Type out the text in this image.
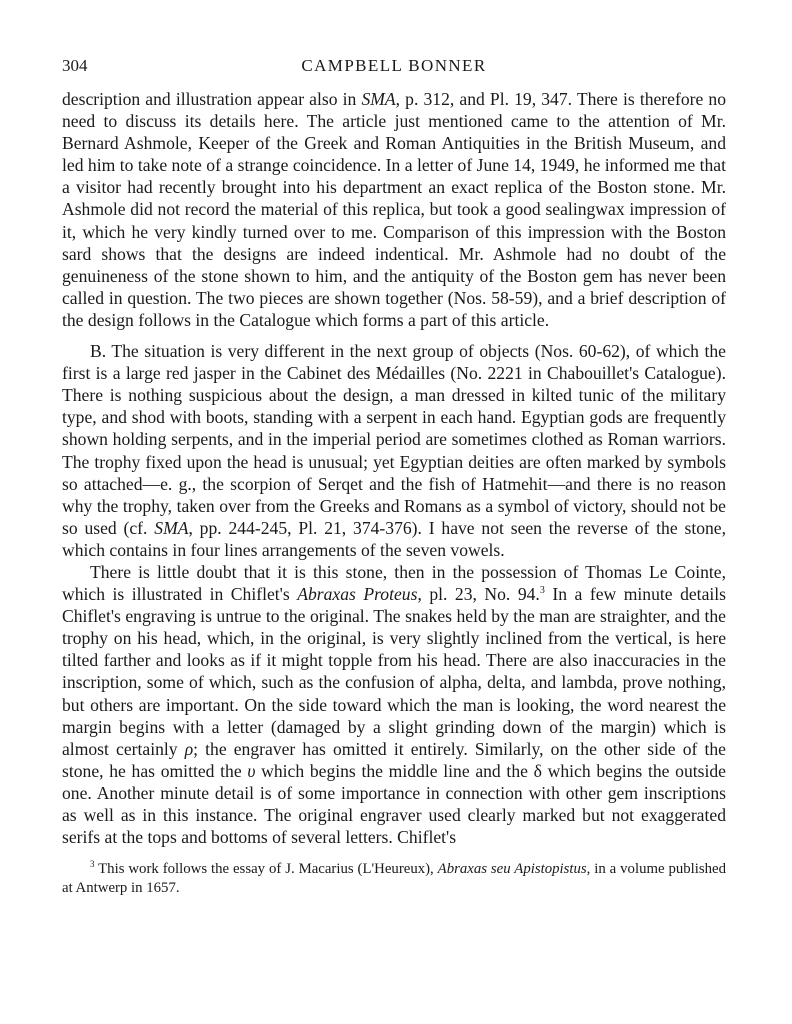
304	CAMPBELL BONNER

description and illustration appear also in SMA, p. 312, and Pl. 19, 347. There is therefore no need to discuss its details here. The article just mentioned came to the attention of Mr. Bernard Ashmole, Keeper of the Greek and Roman Antiquities in the British Museum, and led him to take note of a strange coincidence. In a letter of June 14, 1949, he informed me that a visitor had recently brought into his department an exact replica of the Boston stone. Mr. Ashmole did not record the material of this replica, but took a good sealingwax impression of it, which he very kindly turned over to me. Comparison of this impression with the Boston sard shows that the designs are indeed indentical. Mr. Ashmole had no doubt of the genuineness of the stone shown to him, and the antiquity of the Boston gem has never been called in question. The two pieces are shown together (Nos. 58-59), and a brief description of the design follows in the Catalogue which forms a part of this article.

B. The situation is very different in the next group of objects (Nos. 60-62), of which the first is a large red jasper in the Cabinet des Médailles (No. 2221 in Chabouillet's Catalogue). There is nothing suspicious about the design, a man dressed in kilted tunic of the military type, and shod with boots, standing with a serpent in each hand. Egyptian gods are frequently shown holding serpents, and in the imperial period are sometimes clothed as Roman warriors. The trophy fixed upon the head is unusual; yet Egyptian deities are often marked by symbols so attached—e. g., the scorpion of Serqet and the fish of Hatmehit—and there is no reason why the trophy, taken over from the Greeks and Romans as a symbol of victory, should not be so used (cf. SMA, pp. 244-245, Pl. 21, 374-376). I have not seen the reverse of the stone, which contains in four lines arrangements of the seven vowels.

There is little doubt that it is this stone, then in the possession of Thomas Le Cointe, which is illustrated in Chiflet's Abraxas Proteus, pl. 23, No. 94.$^3$ In a few minute details Chiflet's engraving is untrue to the original. The snakes held by the man are straighter, and the trophy on his head, which, in the original, is very slightly inclined from the vertical, is here tilted farther and looks as if it might topple from his head. There are also inaccuracies in the inscription, some of which, such as the confusion of alpha, delta, and lambda, prove nothing, but others are important. On the side toward which the man is looking, the word nearest the margin begins with a letter (damaged by a slight grinding down of the margin) which is almost certainly ρ; the engraver has omitted it entirely. Similarly, on the other side of the stone, he has omitted the υ which begins the middle line and the δ which begins the outside one. Another minute detail is of some importance in connection with other gem inscriptions as well as in this instance. The original engraver used clearly marked but not exaggerated serifs at the tops and bottoms of several letters. Chiflet's

$^3$ This work follows the essay of J. Macarius (L'Heureux), Abraxas seu Apistopistus, in a volume published at Antwerp in 1657.
